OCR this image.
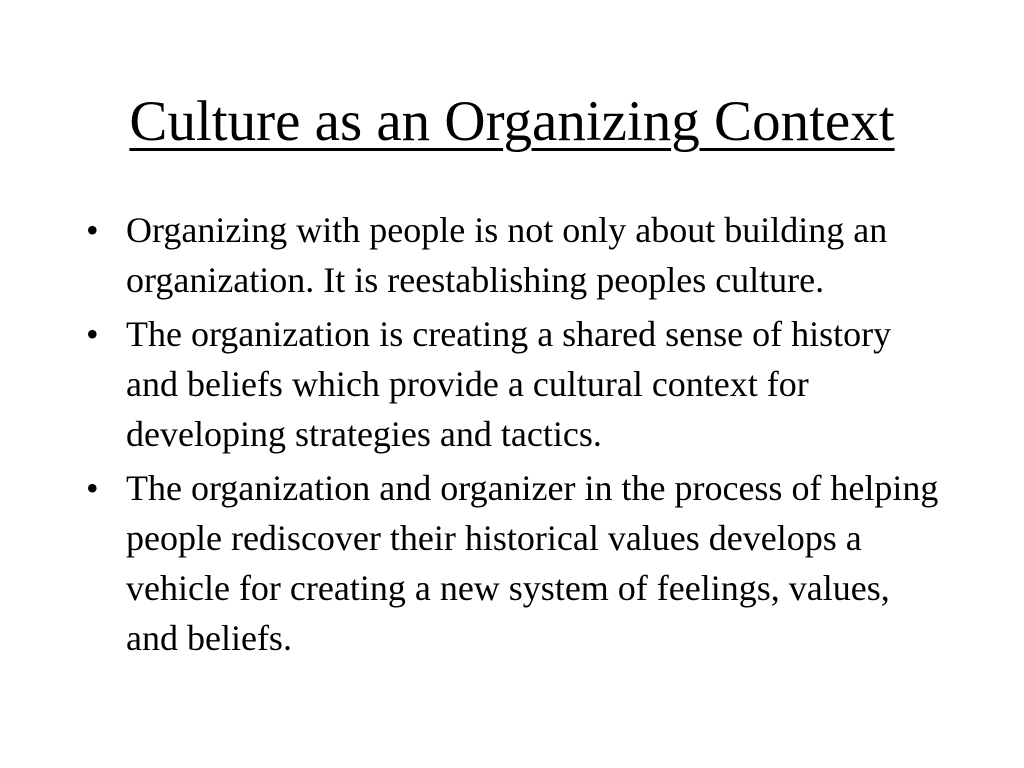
Culture as an Organizing Context
• Organizing with people is not only about building an organization. It is reestablishing peoples culture.
• The organization is creating a shared sense of history and beliefs which provide a cultural context for developing strategies and tactics.
• The organization and organizer in the process of helping people rediscover their historical values develops a vehicle for creating a new system of feelings, values, and beliefs.
